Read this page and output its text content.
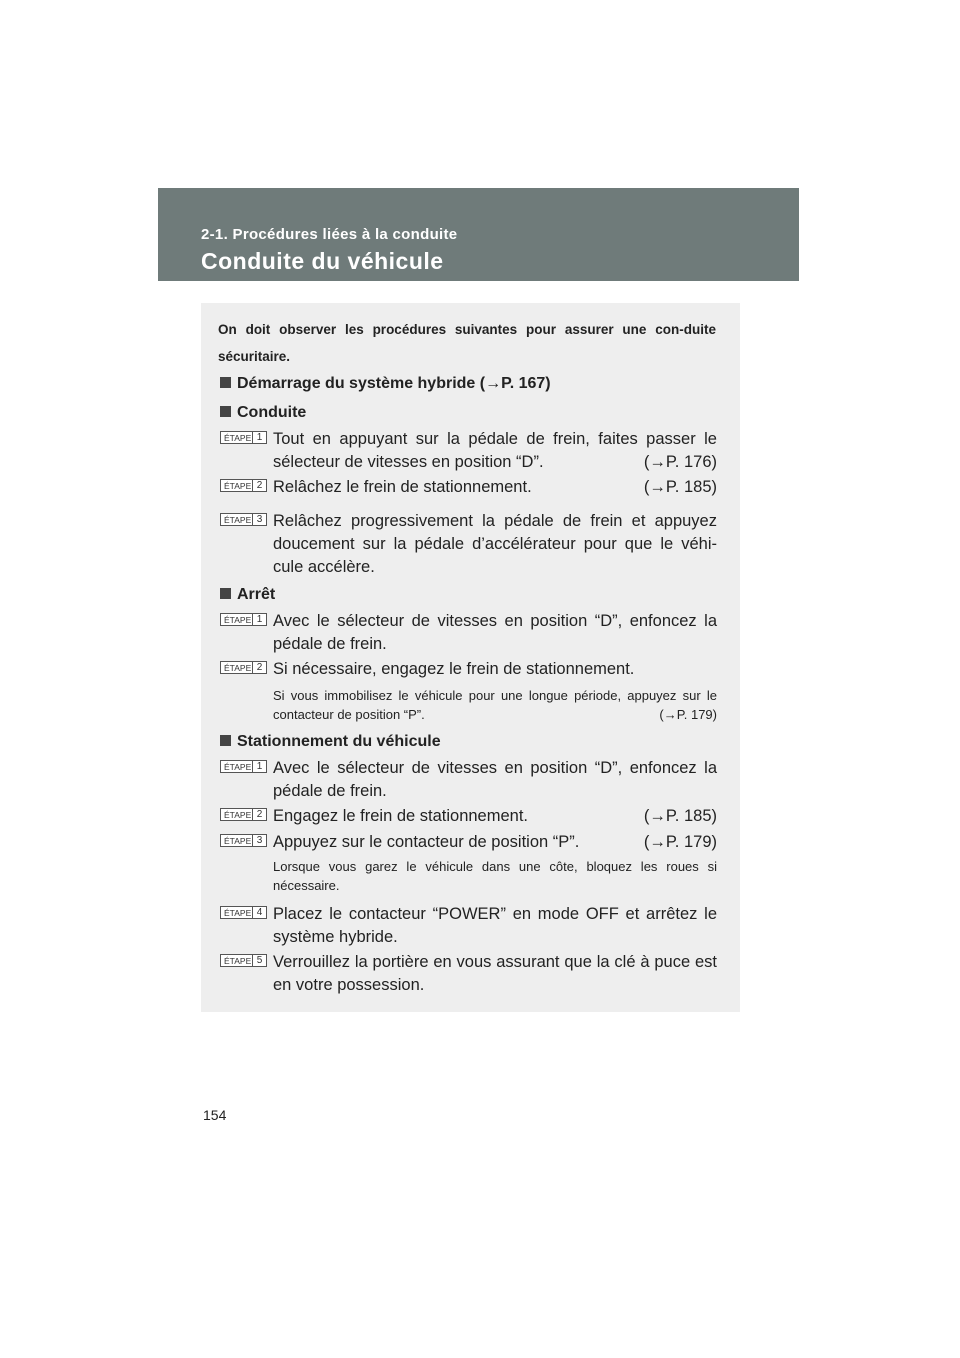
2-1. Procédures liées à la conduite
Conduite du véhicule
On doit observer les procédures suivantes pour assurer une con-duite sécuritaire.
Démarrage du système hybride (→P. 167)
Conduite
ÉTAPE 1 Tout en appuyant sur la pédale de frein, faites passer le sélecteur de vitesses en position “D”.	(→P. 176)
ÉTAPE 2 Relâchez le frein de stationnement.	(→P. 185)
ÉTAPE 3 Relâchez progressivement la pédale de frein et appuyez doucement sur la pédale d’accélérateur pour que le véhi-cule accélère.
Arrêt
ÉTAPE 1 Avec le sélecteur de vitesses en position “D”, enfoncez la pédale de frein.
ÉTAPE 2 Si nécessaire, engagez le frein de stationnement.
Si vous immobilisez le véhicule pour une longue période, appuyez sur le contacteur de position “P”.	(→P. 179)
Stationnement du véhicule
ÉTAPE 1 Avec le sélecteur de vitesses en position “D”, enfoncez la pédale de frein.
ÉTAPE 2 Engagez le frein de stationnement.	(→P. 185)
ÉTAPE 3 Appuyez sur le contacteur de position “P”.	(→P. 179)
Lorsque vous garez le véhicule dans une côte, bloquez les roues si nécessaire.
ÉTAPE 4 Placez le contacteur “POWER” en mode OFF et arrêtez le système hybride.
ÉTAPE 5 Verrouillez la portière en vous assurant que la clé à puce est en votre possession.
154
